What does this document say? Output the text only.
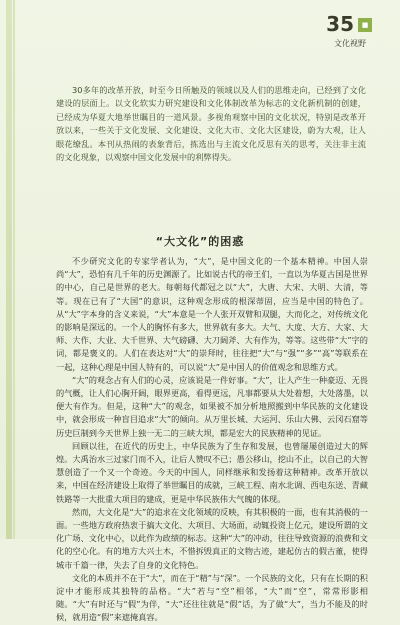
35	■
文化视野
30多年的改革开放，时至今日所触及的领域以及人们的思维走向，已经到了文化建设的层面上。以文化软实力研究建设和文化体制改革为标志的文化新机制的创建，已经成为华夏大地举世瞩目的一道风景。多视角观察中国的文化状况，特别是改革开放以来，一些关于文化发展、文化建设、文化大市、文化大区建设，蔚为大观，让人眼花缭乱。本刊从热闹的表象背后，拣选出与主流文化反思有关的思考，关注非主流的文化现象，以观察中国文化发展中的利弊得失。
“大文化”的困惑

不少研究文化的专家学者认为，“大”，是中国文化的一个基本精神。中国人崇尚“大”，恐怕有几千年的历史渊源了。比如说古代的帝王们，一直以为华夏古国是世界的中心，自己是世界的老大。每朝每代都冠之以“大”，大唐、大宋、大明、大清，等等。现在已有了“大国”的意识，这种观念形成的根深蒂固，应当是中国的特色了。从“大”字本身的含义来说，“大”本意是一个人张开双臂和双腿，大而化之，对传统文化的影响是深远的。一个人的胸怀有多大，世界就有多大。大气、大度、大方、大家、大师、大作、大业、大千世界、大气磅礴、大刀阔斧、大有作为，等等。这些带“大”字的词，都是褒义的。人们在表达对“大”的崇拜时，往往把“大”与“强”“多”“高”等联系在一起，这种心理是中国人特有的，可以说“大”是中国人的价值观念和思维方式。

“大”的观念占有人们的心灵，应该说是一件好事。“大”，让人产生一种豪迈、无畏的气概，让人们心胸开阔，眼界更高，看得更远，凡事都要从大处着想，大处落墨，以便大有作为。但是，这种“大”的观念，如果被不加分析地照搬到中华民族的文化建设中，就会形成一种盲目追求“大”的倾向。从万里长城、大运河、乐山大佛、云冈石窟等历史巨制到今天世界上独一无二的三峡大坝，都是宏大的民族精神的见证。

回顾以往，在近代的历史上，中华民族为了生存和发展，也曾屡屡创造过大的辉煌。大禹治水三过家门而不入，让后人赞叹不已；愚公移山，挖山不止，以自己的大智慧创造了一个又一个奇迹。今天的中国人，同样继承和发扬着这种精神。改革开放以来，中国在经济建设上取得了举世瞩目的成就，三峡工程、南水北调、西电东送、青藏铁路等一大批重大项目的建成，更是中华民族伟大气魄的体现。

然而，大文化是“大”的追求在文化领域的反映，有其积极的一面，也有其消极的一面。一些地方政府热衷于搞大文化、大项目、大场面，动辄投资上亿元，建设所谓的文化广场、文化中心，以此作为政绩的标志。这种“大”的冲动，往往导致资源的浪费和文化的空心化。有的地方大兴土木，不惜拆毁真正的文物古迹，建起仿古的假古董，使得城市千篇一律，失去了自身的文化特色。

文化的本质并不在于“大”，而在于“精”与“深”。一个民族的文化，只有在长期的积淀中才能形成其独特的品格。“大”若与“空”相邻，“大”而“空”，常常形影相随。“大”有时还与“假”为伴，“大”还往往就是“假”话，为了做“大”，当力不能及的时候，就用造“假”来遮掩真容。
